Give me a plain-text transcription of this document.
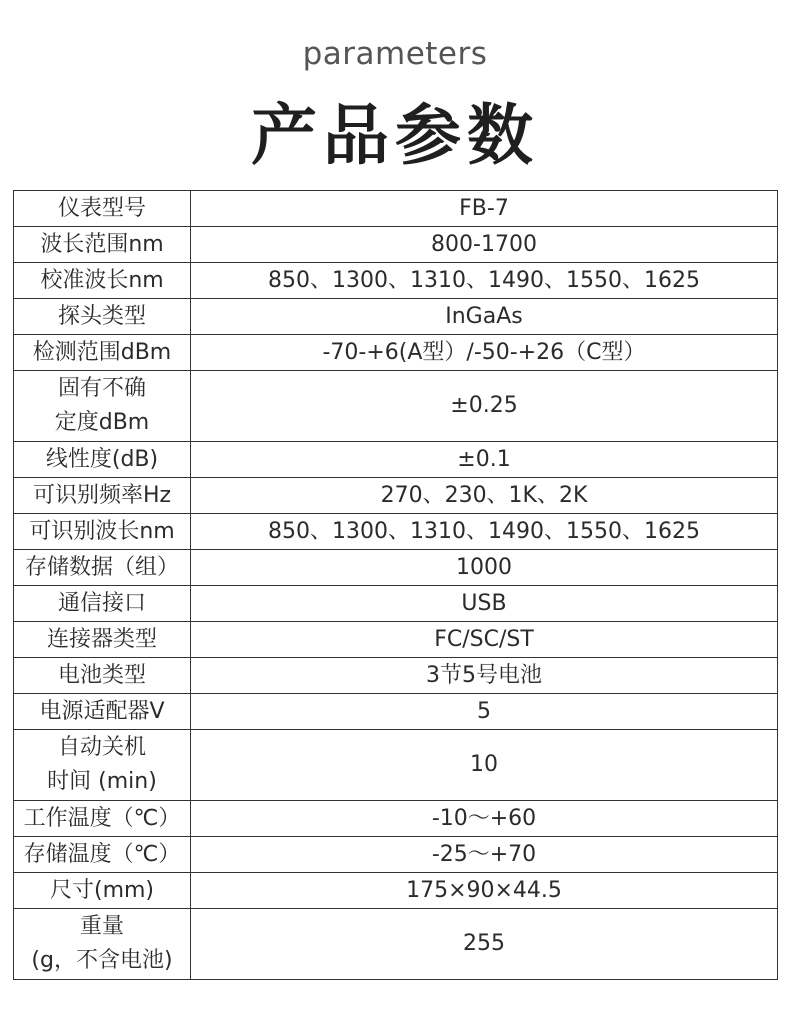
parameters
产品参数
仪表型号	FB-7
波长范围nm	800-1700
校准波长nm	850、1300、1310、1490、1550、1625
探头类型	InGaAs
检测范围dBm	-70-+6(A型）/-50-+26（C型）

固有不确
定度dBm	±0.25
线性度(dB)	±0.1
可识别频率Hz	270、230、1K、2K
可识别波长nm	850、1300、1310、1490、1550、1625
存储数据（组）	1000
通信接口	USB
连接器类型	FC/SC/ST
电池类型	3节5号电池
电源适配器V	5

自动关机
时间 (min)	10
工作温度（℃）	-10～+60
存储温度（℃）	-25～+70
尺寸(mm)	175×90×44.5

重量
(g，不含电池)	255
